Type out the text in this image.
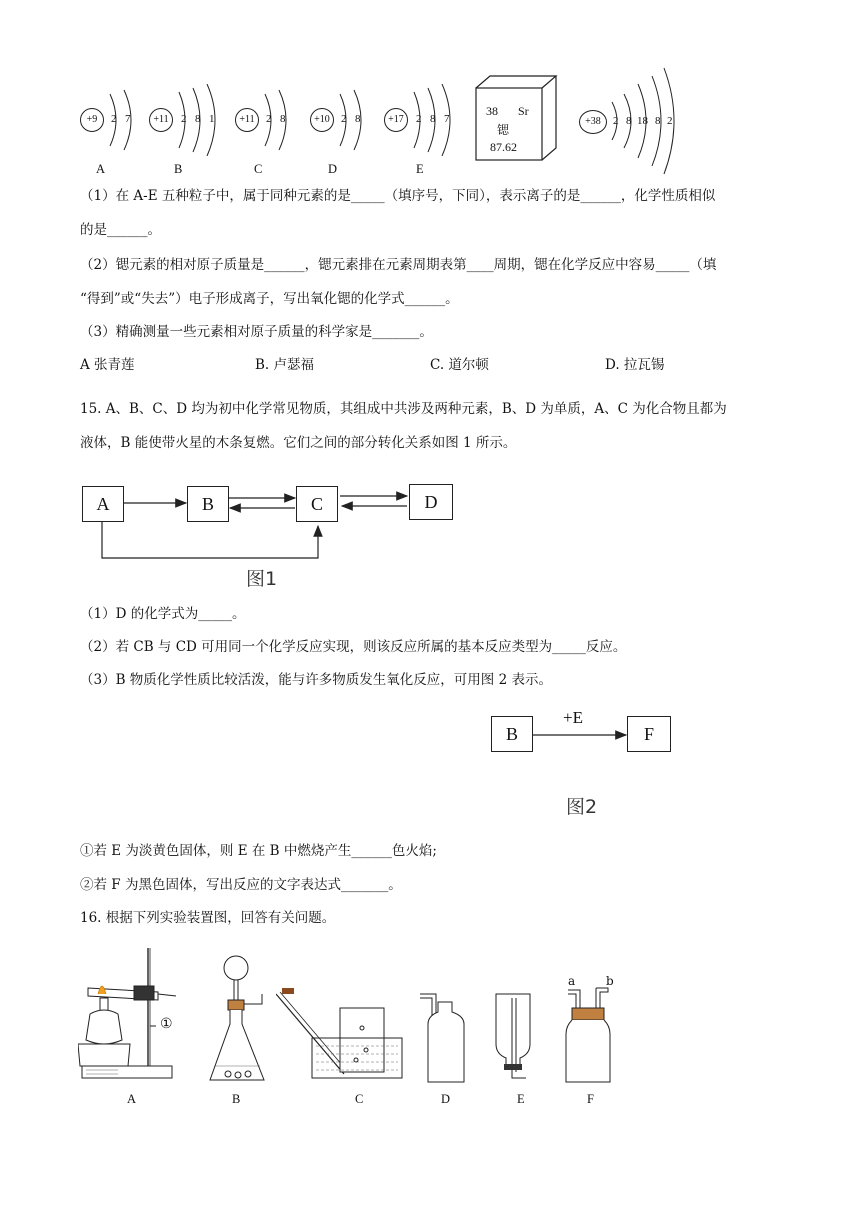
+9	2 7
A
+11	2 8 1
B
+11	2 8
C
+10	2 8
D
+17	2 8 7
E
38 Sr
锶
87.62
+38	2 8 18 8 2
（1）在 A-E 五种粒子中，属于同种元素的是_____（填序号，下同），表示离子的是______，化学性质相似
的是______。
（2）锶元素的相对原子质量是______，锶元素排在元素周期表第____周期，锶在化学反应中容易_____（填
“得到”或“失去”）电子形成离子，写出氧化锶的化学式______。
（3）精确测量一些元素相对原子质量的科学家是_______。
A 张青莲	B. 卢瑟福	C. 道尔顿	D. 拉瓦锡
15. A、B、C、D 均为初中化学常见物质，其组成中共涉及两种元素，B、D 为单质，A、C 为化合物且都为
液体，B 能使带火星的木条复燃。它们之间的部分转化关系如图 1 所示。
A	B	C	D
图1
（1）D 的化学式为_____。
（2）若 CB 与 CD 可用同一个化学反应实现，则该反应所属的基本反应类型为_____反应。
（3）B 物质化学性质比较活泼，能与许多物质发生氧化反应，可用图 2 表示。
B	F
+E
图2
①若 E 为淡黄色固体，则 E 在 B 中燃烧产生______色火焰;
②若 F 为黑色固体，写出反应的文字表达式_______。
16. 根据下列实验装置图，回答有关问题。
①
A	B	C	D	E
a	b
F
